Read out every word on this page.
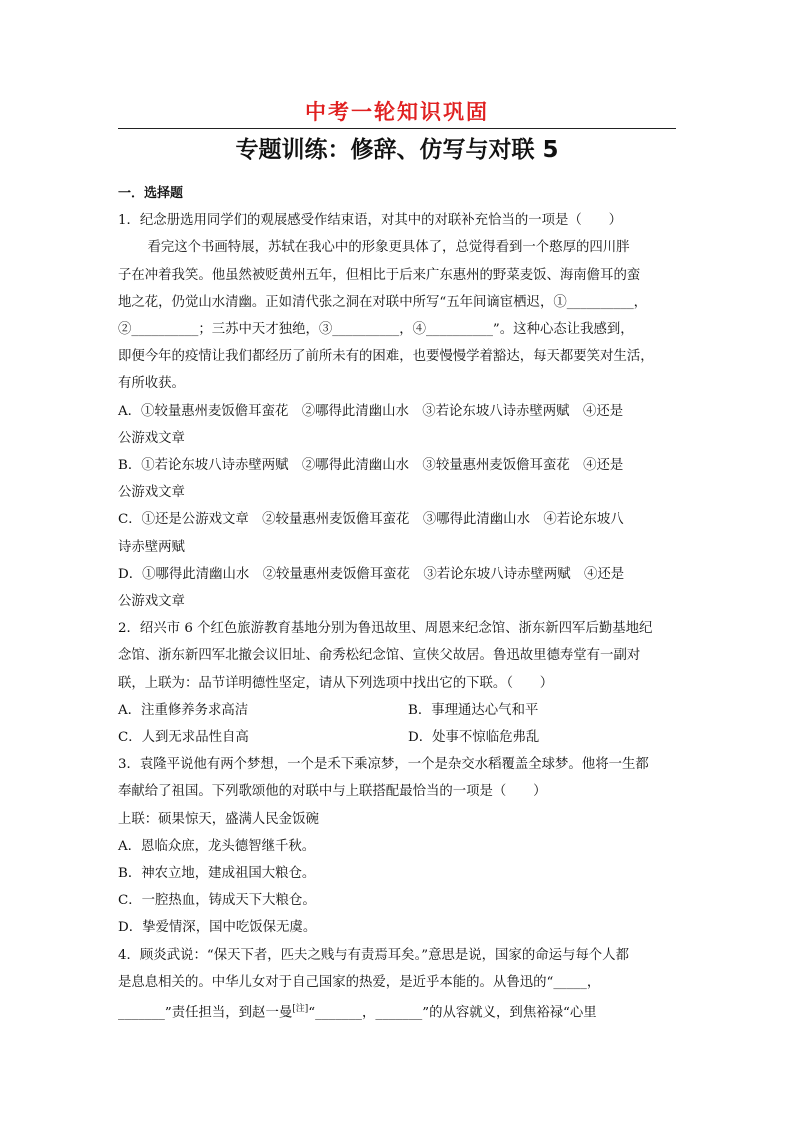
中考一轮知识巩固
专题训练：修辞、仿写与对联 5

一．选择题

1．纪念册选用同学们的观展感受作结束语，对其中的对联补充恰当的一项是（　　）

看完这个书画特展，苏轼在我心中的形象更具体了，总觉得看到一个憨厚的四川胖

子在冲着我笑。他虽然被贬黄州五年，但相比于后来广东惠州的野菜麦饭、海南儋耳的蛮

地之花，仍觉山水清幽。正如清代张之洞在对联中所写“五年间谪宦栖迟，①__________，

②__________；三苏中天才独绝，③__________，④__________”。这种心态让我感到，

即便今年的疫情让我们都经历了前所未有的困难，也要慢慢学着豁达，每天都要笑对生活，

有所收获。

A．①较量惠州麦饭儋耳蛮花　②哪得此清幽山水　③若论东坡八诗赤壁两赋　④还是

公游戏文章

B．①若论东坡八诗赤壁两赋　②哪得此清幽山水　③较量惠州麦饭儋耳蛮花　④还是

公游戏文章

C．①还是公游戏文章　②较量惠州麦饭儋耳蛮花　③哪得此清幽山水　④若论东坡八

诗赤壁两赋

D．①哪得此清幽山水　②较量惠州麦饭儋耳蛮花　③若论东坡八诗赤壁两赋　④还是

公游戏文章

2．绍兴市 6 个红色旅游教育基地分别为鲁迅故里、周恩来纪念馆、浙东新四军后勤基地纪

念馆、浙东新四军北撤会议旧址、俞秀松纪念馆、宣侠父故居。鲁迅故里德寿堂有一副对

联，上联为：品节详明德性坚定，请从下列选项中找出它的下联。（　　）

A．注重修养务求高洁	B．事理通达心气和平
C．人到无求品性自高	D．处事不惊临危弗乱

3．袁隆平说他有两个梦想，一个是禾下乘凉梦，一个是杂交水稻覆盖全球梦。他将一生都

奉献给了祖国。下列歌颂他的对联中与上联搭配最恰当的一项是（　　）

上联：硕果惊天，盛满人民金饭碗

A．恩临众庶，龙头德智继千秋。

B．神农立地，建成祖国大粮仓。

C．一腔热血，铸成天下大粮仓。

D．挚爱情深，国中吃饭保无虞。

4．顾炎武说：“保天下者，匹夫之贱与有责焉耳矣。”意思是说，国家的命运与每个人都

是息息相关的。中华儿女对于自己国家的热爱，是近乎本能的。从鲁迅的“_____，

_______”责任担当，到赵一曼[注]“_______，_______”的从容就义，到焦裕禄“心里
